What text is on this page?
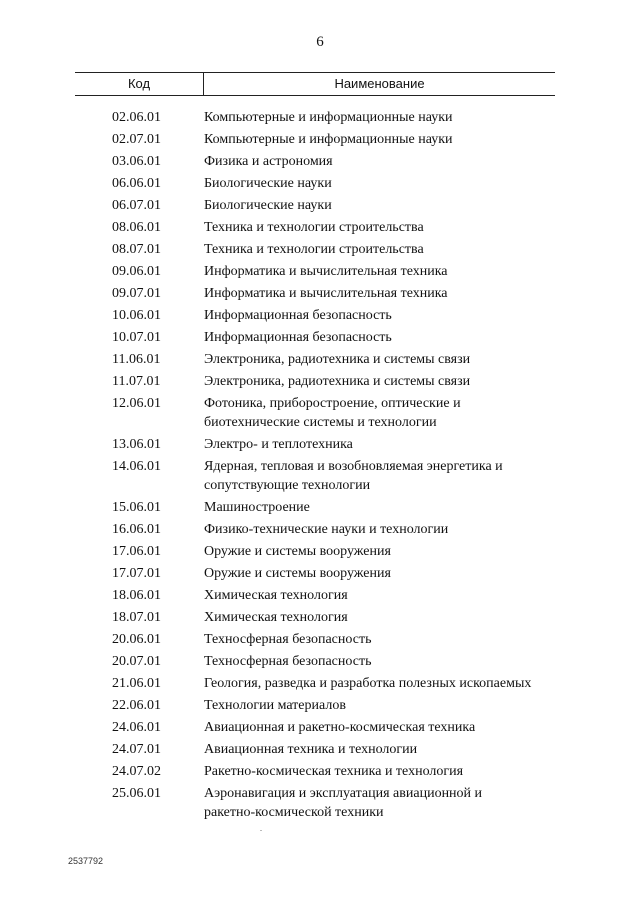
6
Код	Наименование
02.06.01	Компьютерные и информационные науки
02.07.01	Компьютерные и информационные науки
03.06.01	Физика и астрономия
06.06.01	Биологические науки
06.07.01	Биологические науки
08.06.01	Техника и технологии строительства
08.07.01	Техника и технологии строительства
09.06.01	Информатика и вычислительная техника
09.07.01	Информатика и вычислительная техника
10.06.01	Информационная безопасность
10.07.01	Информационная безопасность
11.06.01	Электроника, радиотехника и системы связи
11.07.01	Электроника, радиотехника и системы связи
12.06.01	Фотоника, приборостроение, оптические и
биотехнические системы и технологии
13.06.01	Электро- и теплотехника
14.06.01	Ядерная, тепловая и возобновляемая энергетика и
сопутствующие технологии
15.06.01	Машиностроение
16.06.01	Физико-технические науки и технологии
17.06.01	Оружие и системы вооружения
17.07.01	Оружие и системы вооружения
18.06.01	Химическая технология
18.07.01	Химическая технология
20.06.01	Техносферная безопасность
20.07.01	Техносферная безопасность
21.06.01	Геология, разведка и разработка полезных ископаемых
22.06.01	Технологии материалов
24.06.01	Авиационная и ракетно-космическая техника
24.07.01	Авиационная техника и технологии
24.07.02	Ракетно-космическая техника и технология
25.06.01	Аэронавигация и эксплуатация авиационной и
ракетно-космической техники
2537792
